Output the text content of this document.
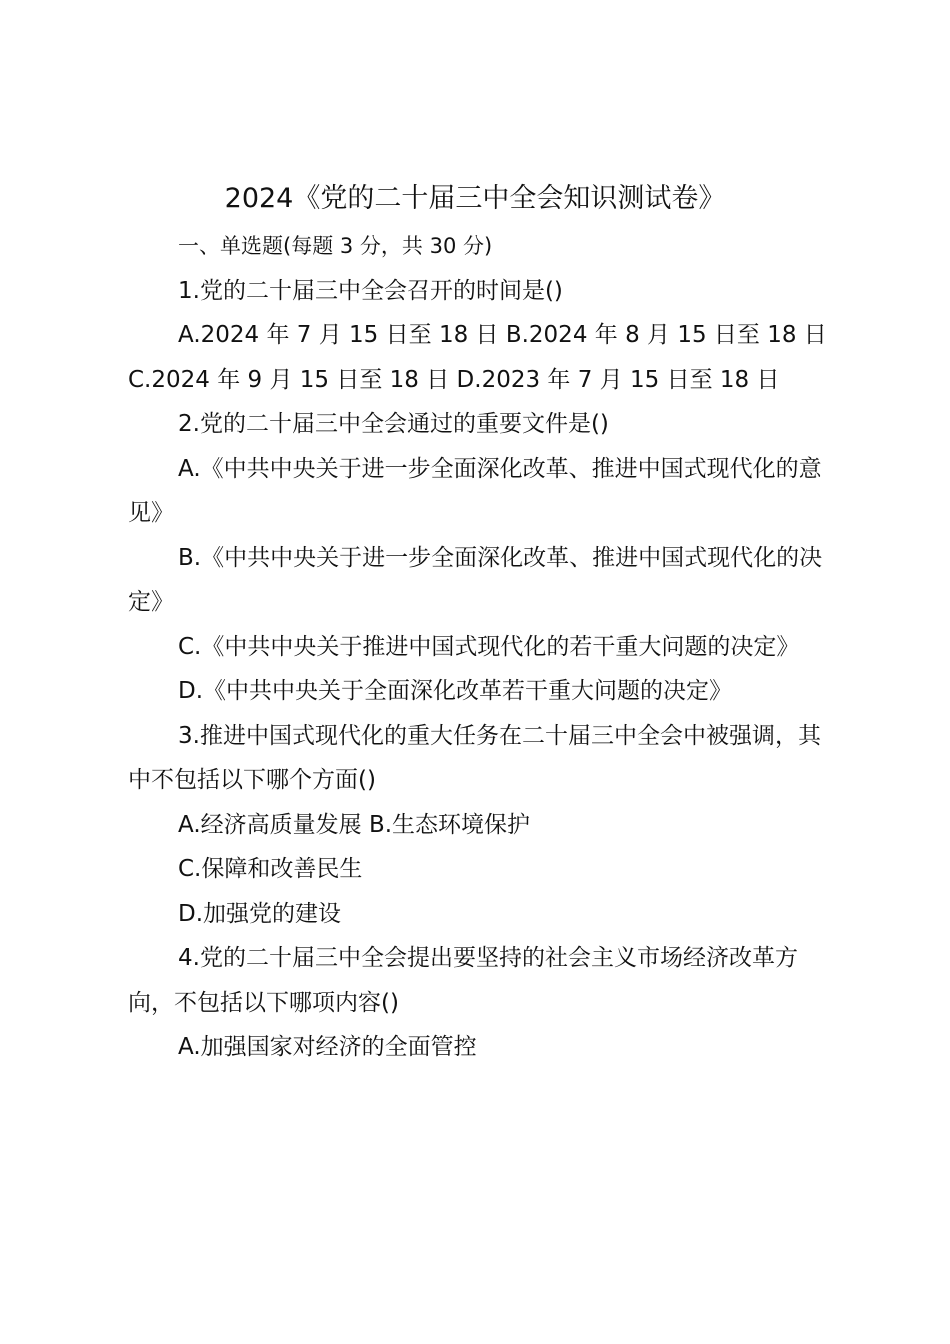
2024《党的二十届三中全会知识测试卷》

一、单选题(每题 3 分，共 30 分)

1.党的二十届三中全会召开的时间是()

A.2024 年 7 月 15 日至 18 日 B.2024 年 8 月 15 日至 18 日 C.2024 年 9 月 15 日至 18 日 D.2023 年 7 月 15 日至 18 日

2.党的二十届三中全会通过的重要文件是()

A.《中共中央关于进一步全面深化改革、推进中国式现代化的意见》

B.《中共中央关于进一步全面深化改革、推进中国式现代化的决定》

C.《中共中央关于推进中国式现代化的若干重大问题的决定》

D.《中共中央关于全面深化改革若干重大问题的决定》

3.推进中国式现代化的重大任务在二十届三中全会中被强调，其中不包括以下哪个方面()

A.经济高质量发展 B.生态环境保护

C.保障和改善民生

D.加强党的建设

4.党的二十届三中全会提出要坚持的社会主义市场经济改革方向，不包括以下哪项内容()

A.加强国家对经济的全面管控
